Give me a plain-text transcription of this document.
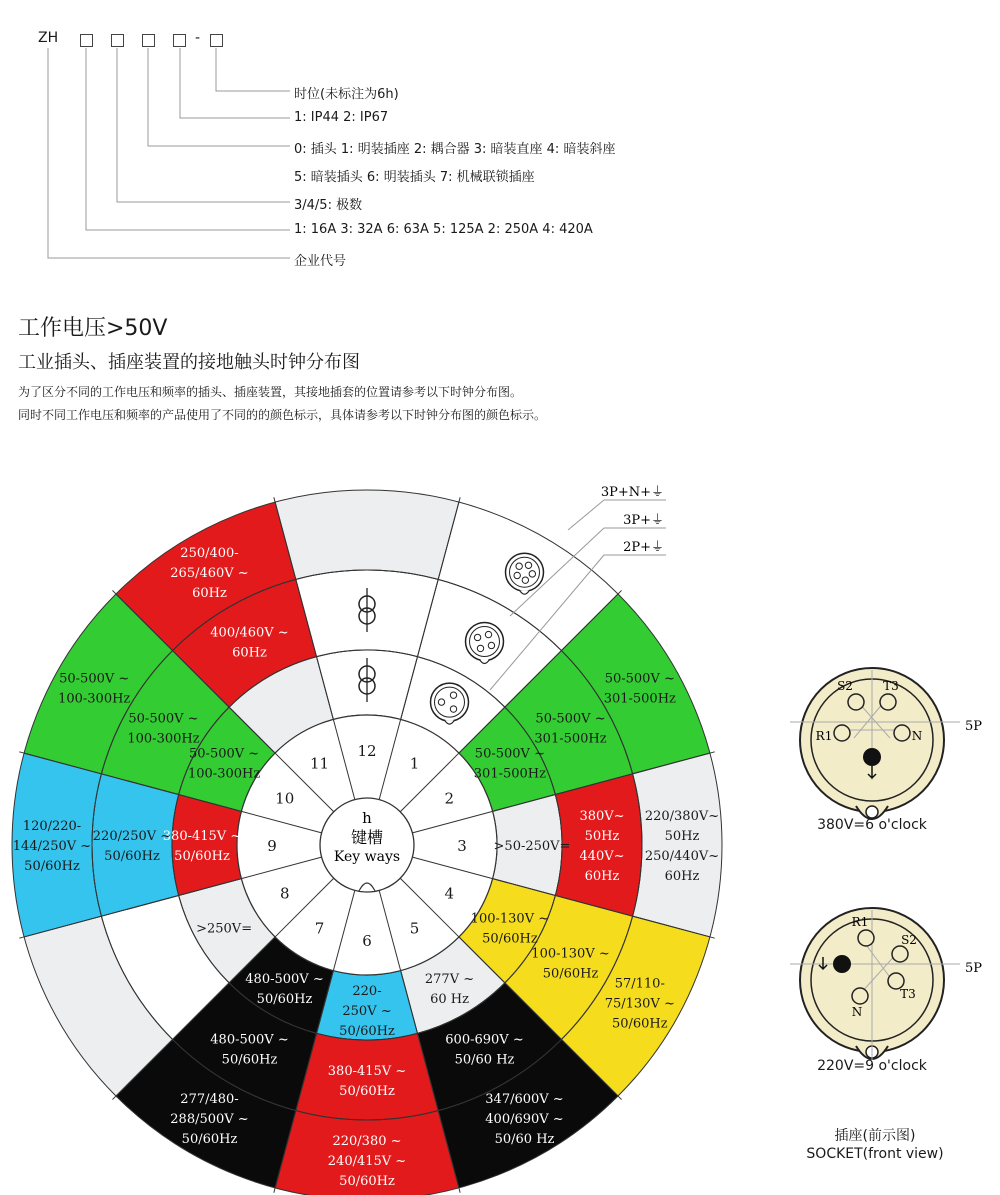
ZH	-
时位(未标注为6h)
1: IP44 2: IP67
0: 插头 1: 明装插座 2: 耦合器 3: 暗装直座 4: 暗装斜座
5: 暗装插头 6: 明装插头 7: 机械联锁插座
3/4/5: 极数
1: 16A 3: 32A 6: 63A 5: 125A 2: 250A 4: 420A
企业代号
工作电压>50V
工业插头、插座装置的接地触头时钟分布图
为了区分不同的工作电压和频率的插头、插座装置，其接地插套的位置请参考以下时钟分布图。
同时不同工作电压和频率的产品使用了不同的的颜色标示，具体请参考以下时钟分布图的颜色标示。
1
2
3
4
5
6
7
8
9
10
11
12
h
键槽
Key ways
50-500V ~
301-500Hz
50-500V ~
301-500Hz
50-500V ~
301-500Hz
>50-250V=
380V~
50Hz
440V~
60Hz
220/380V~
50Hz
250/440V~
60Hz
100-130V ~
50/60Hz
100-130V ~
50/60Hz
57/110-
75/130V ~
50/60Hz
277V ~
60 Hz
600-690V ~
50/60 Hz
347/600V ~
400/690V ~
50/60 Hz
220-
250V ~
50/60Hz
380-415V ~
50/60Hz
220/380 ~
240/415V ~
50/60Hz
480-500V ~
50/60Hz
480-500V ~
50/60Hz
277/480-
288/500V ~
50/60Hz
>250V=
380-415V ~
50/60Hz
220/250V ~
50/60Hz
120/220-
144/250V ~
50/60Hz
50-500V ~
100-300Hz
50-500V ~
100-300Hz
50-500V ~
100-300Hz
400/460V ~
60Hz
250/400-
265/460V ~
60Hz
3P+N+⏚
3P+⏚
2P+⏚
S2	T3
R1	N
5P
R1
S2
T3
N
5P
380V=6 o'clock
220V=9 o'clock
插座(前示图)
SOCKET(front view)
